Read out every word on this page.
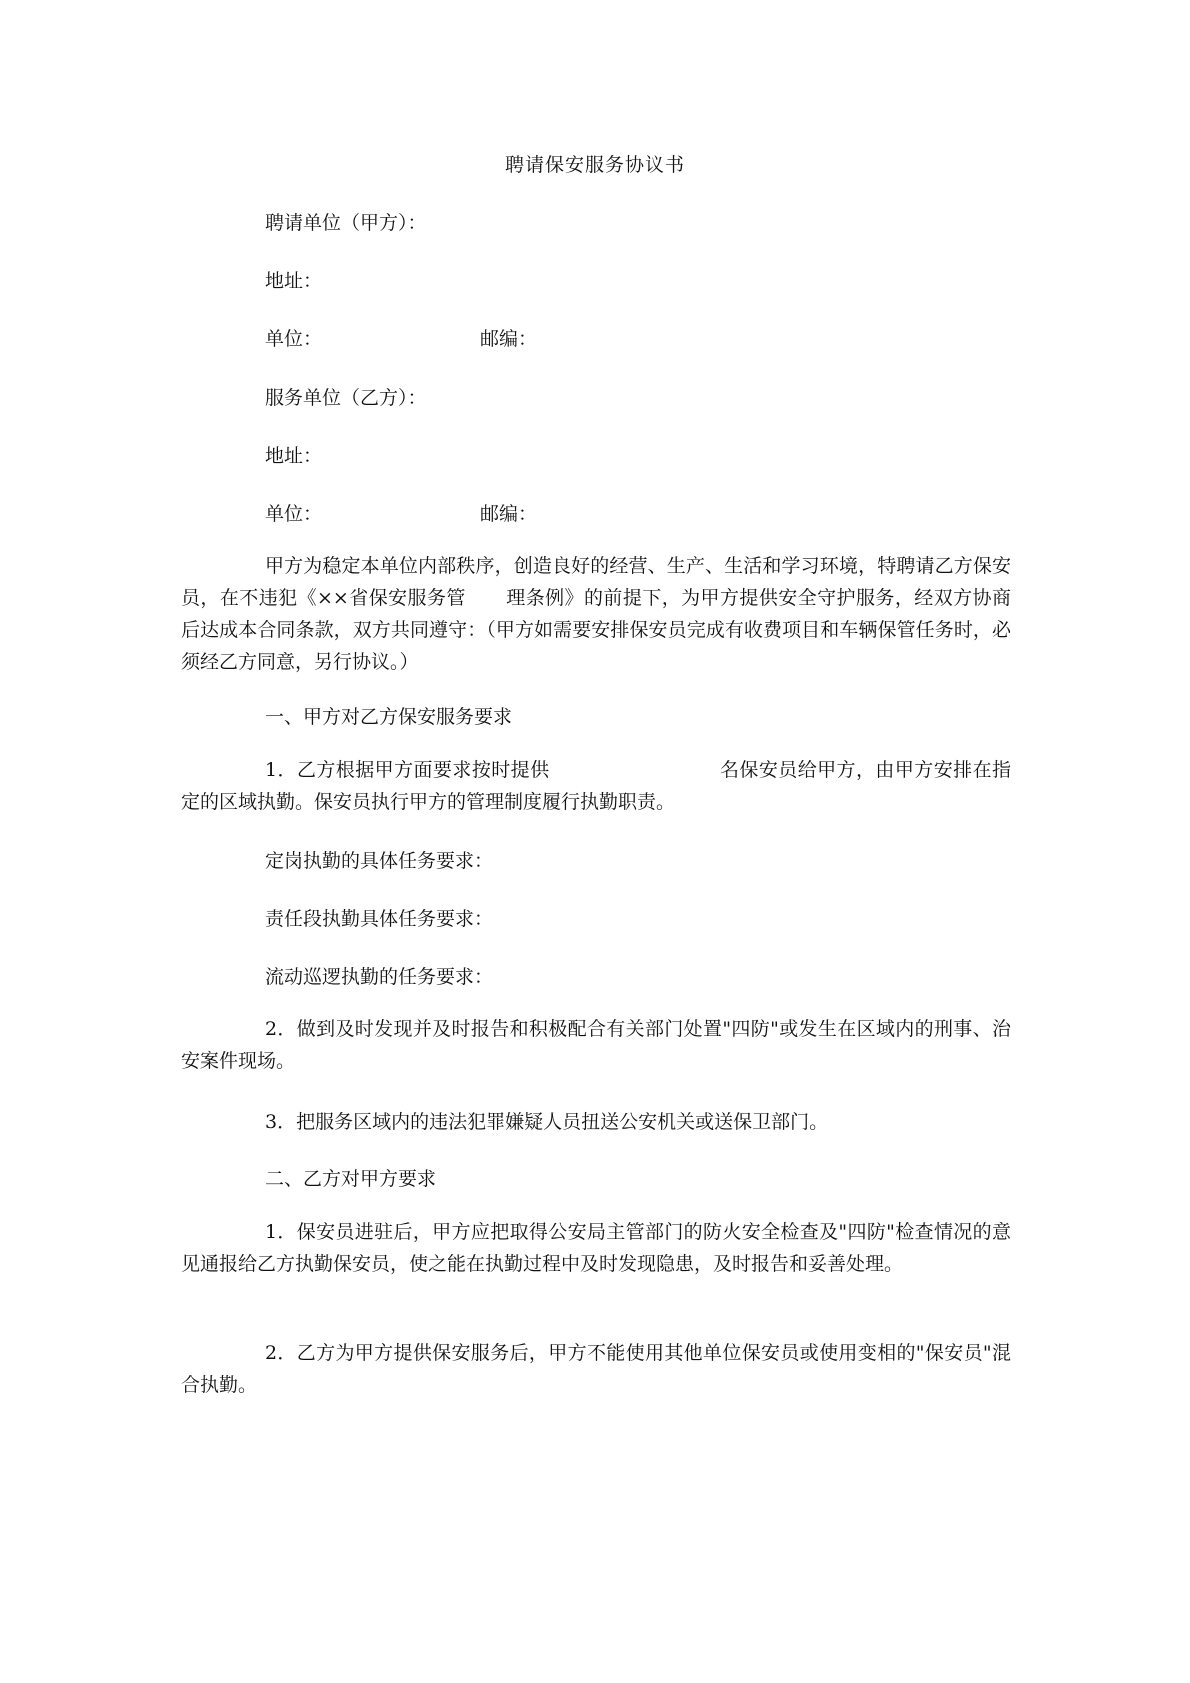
聘请保安服务协议书
聘请单位（甲方）：
地址：
单位：	邮编：
服务单位（乙方）：
地址：
单位：	邮编：
甲方为稳定本单位内部秩序，创造良好的经营、生产、生活和学习环境，特聘请乙方保安员，在不违犯《××省保安服务管 理条例》的前提下，为甲方提供安全守护服务，经双方协商后达成本合同条款，双方共同遵守：（甲方如需要安排保安员完成有收费项目和车辆保管任务时，必须经乙方同意，另行协议。）
一、甲方对乙方保安服务要求
1．乙方根据甲方面要求按时提供	名保安员给甲方，由甲方安排在指定的区域执勤。保安员执行甲方的管理制度履行执勤职责。
定岗执勤的具体任务要求：
责任段执勤具体任务要求：
流动巡逻执勤的任务要求：
2．做到及时发现并及时报告和积极配合有关部门处置"四防"或发生在区域内的刑事、治安案件现场。
3．把服务区域内的违法犯罪嫌疑人员扭送公安机关或送保卫部门。
二、乙方对甲方要求
1．保安员进驻后，甲方应把取得公安局主管部门的防火安全检查及"四防"检查情况的意见通报给乙方执勤保安员，使之能在执勤过程中及时发现隐患，及时报告和妥善处理。
2．乙方为甲方提供保安服务后，甲方不能使用其他单位保安员或使用变相的"保安员"混合执勤。
